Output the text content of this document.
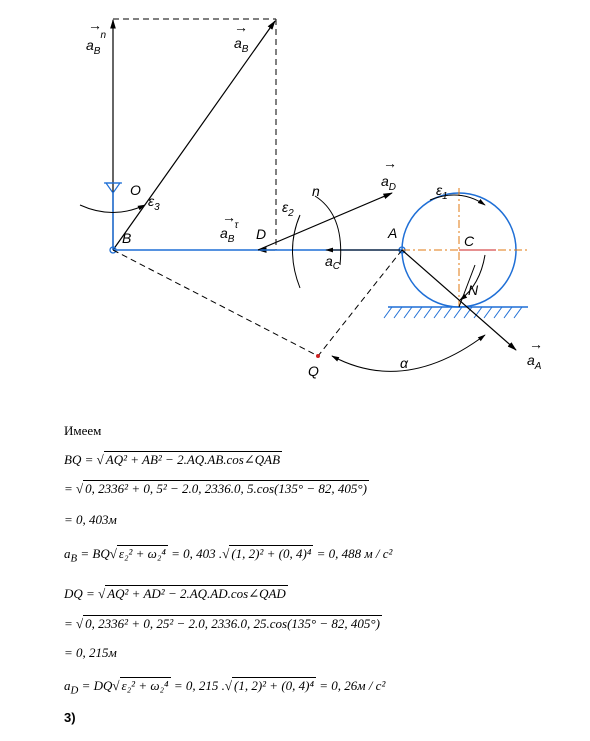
$a_B^n$
→
$a_B$
→
$a_B^\tau$
→
$a_D$
→
$a_A$
→
$a_C$
O
B	D	A	C
N
Q
n
α
$\varepsilon_1$
$\varepsilon_2$
$\varepsilon_3$
Имеем
BQ = √ AQ² + AB² − 2.AQ.AB.cos∠QAB
= √ 0, 2336² + 0, 5² − 2.0, 2336.0, 5.cos(135° − 82, 405°)
= 0, 403м
$a_B = BQ√$ ε₂² + ω₂⁴ = 0, 403 .√ (1, 2)² + (0, 4)⁴ = 0, 488 м / с²
DQ = √ AQ² + AD² − 2.AQ.AD.cos∠QAD
= √ 0, 2336² + 0, 25² − 2.0, 2336.0, 25.cos(135° − 82, 405°)
= 0, 215м
$a_D = DQ√$ ε₂² + ω₂⁴ = 0, 215 .√ (1, 2)² + (0, 4)⁴ = 0, 26м / с²
3)
